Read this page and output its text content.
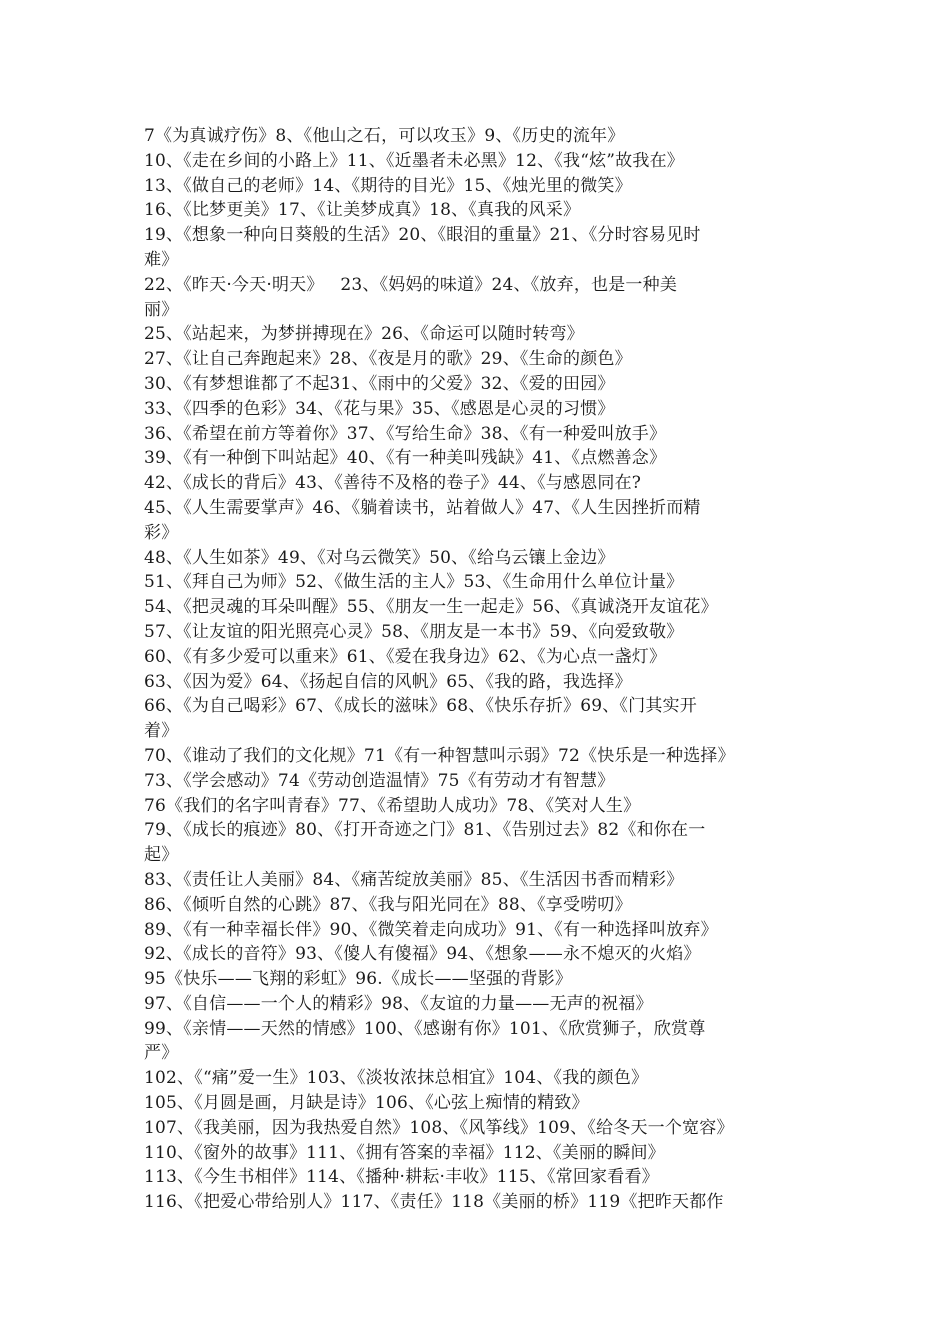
7《为真诚疗伤》8、《他山之石，可以攻玉》9、《历史的流年》
10、《走在乡间的小路上》11、《近墨者未必黑》12、《我“炫”故我在》
13、《做自己的老师》14、《期待的目光》15、《烛光里的微笑》
16、《比梦更美》17、《让美梦成真》18、《真我的风采》
19、《想象一种向日葵般的生活》20、《眼泪的重量》21、《分时容易见时
难》
22、《昨天·今天·明天》   23、《妈妈的味道》24、《放弃，也是一种美
丽》
25、《站起来，为梦拼搏现在》26、《命运可以随时转弯》
27、《让自己奔跑起来》28、《夜是月的歌》29、《生命的颜色》
30、《有梦想谁都了不起31、《雨中的父爱》32、《爱的田园》
33、《四季的色彩》34、《花与果》35、《感恩是心灵的习惯》
36、《希望在前方等着你》37、《写给生命》38、《有一种爱叫放手》
39、《有一种倒下叫站起》40、《有一种美叫残缺》41、《点燃善念》
42、《成长的背后》43、《善待不及格的卷子》44、《与感恩同在?
45、《人生需要掌声》46、《躺着读书，站着做人》47、《人生因挫折而精
彩》
48、《人生如茶》49、《对乌云微笑》50、《给乌云镶上金边》
51、《拜自己为师》52、《做生活的主人》53、《生命用什么单位计量》
54、《把灵魂的耳朵叫醒》55、《朋友一生一起走》56、《真诚浇开友谊花》
57、《让友谊的阳光照亮心灵》58、《朋友是一本书》59、《向爱致敬》
60、《有多少爱可以重来》61、《爱在我身边》62、《为心点一盏灯》
63、《因为爱》64、《扬起自信的风帆》65、《我的路，我选择》
66、《为自己喝彩》67、《成长的滋味》68、《快乐存折》69、《门其实开
着》
70、《谁动了我们的文化规》71《有一种智慧叫示弱》72《快乐是一种选择》
73、《学会感动》74《劳动创造温情》75《有劳动才有智慧》
76《我们的名字叫青春》77、《希望助人成功》78、《笑对人生》
79、《成长的痕迹》80、《打开奇迹之门》81、《告别过去》82《和你在一
起》
83、《责任让人美丽》84、《痛苦绽放美丽》85、《生活因书香而精彩》
86、《倾听自然的心跳》87、《我与阳光同在》88、《享受唠叨》
89、《有一种幸福长伴》90、《微笑着走向成功》91、《有一种选择叫放弃》
92、《成长的音符》93、《傻人有傻福》94、《想象——永不熄灭的火焰》
95《快乐——飞翔的彩虹》96.《成长——坚强的背影》
97、《自信——一个人的精彩》98、《友谊的力量——无声的祝福》
99、《亲情——天然的情感》100、《感谢有你》101、《欣赏狮子，欣赏尊
严》
102、《“痛”爱一生》103、《淡妆浓抹总相宜》104、《我的颜色》
105、《月圆是画，月缺是诗》106、《心弦上痴情的精致》
107、《我美丽，因为我热爱自然》108、《风筝线》109、《给冬天一个宽容》
110、《窗外的故事》111、《拥有答案的幸福》112、《美丽的瞬间》
113、《今生书相伴》114、《播种·耕耘·丰收》115、《常回家看看》
116、《把爱心带给别人》117、《责任》118《美丽的桥》119《把昨天都作
